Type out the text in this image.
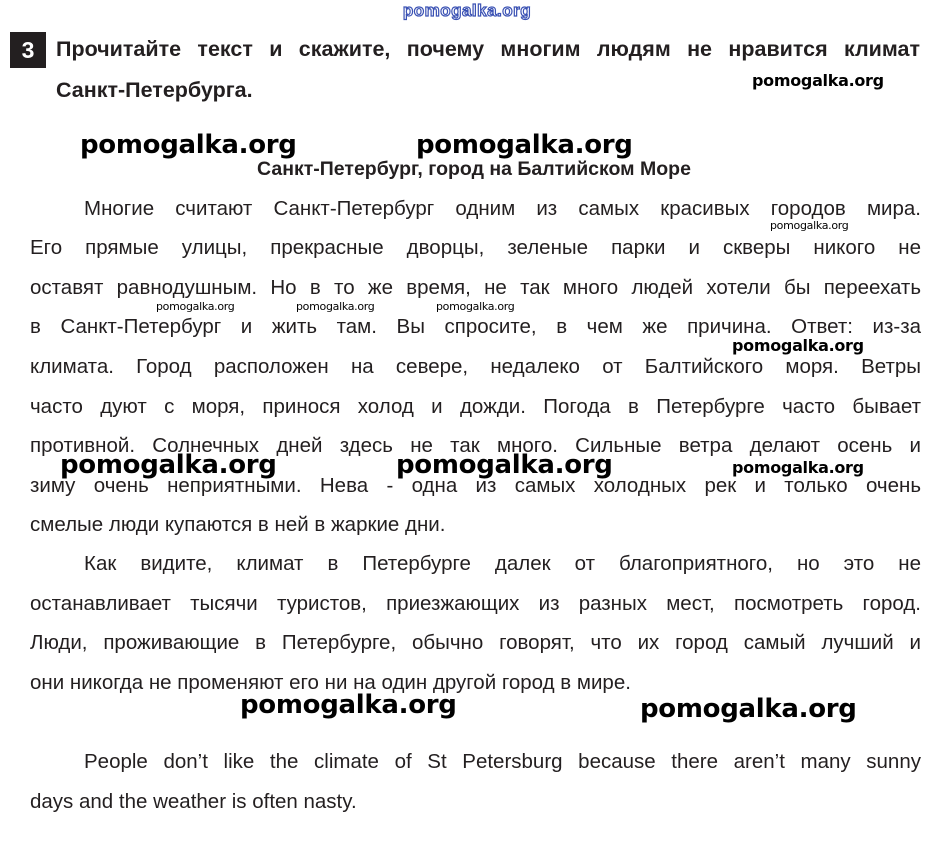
pomogalka.org
3	Прочитайте текст и скажите, почему многим людям не нравится климат
Санкт-Петербурга.
Санкт-Петербург, город на Балтийском Море
Многие считают Санкт-Петербург одним из самых красивых городов мира.
Его прямые улицы, прекрасные дворцы, зеленые парки и скверы никого не
оставят равнодушным. Но в то же время, не так много людей хотели бы переехать
в Санкт-Петербург и жить там. Вы спросите, в чем же причина. Ответ: из-за
климата. Город расположен на севере, недалеко от Балтийского моря. Ветры
часто дуют с моря, принося холод и дожди. Погода в Петербурге часто бывает
противной. Солнечных дней здесь не так много. Сильные ветра делают осень и
зиму очень неприятными. Нева - одна из самых холодных рек и только очень
смелые люди купаются в ней в жаркие дни.
Как видите, климат в Петербурге далек от благоприятного, но это не
останавливает тысячи туристов, приезжающих из разных мест, посмотреть город.
Люди, проживающие в Петербурге, обычно говорят, что их город самый лучший и
они никогда не променяют его ни на один другой город в мире.
People don’t like the climate of St Petersburg because there aren’t many sunny
days and the weather is often nasty.
pomogalka.org
pomogalka.org	pomogalka.org
pomogalka.org
pomogalka.org	pomogalka.org	pomogalka.org
pomogalka.org
pomogalka.org	pomogalka.org	pomogalka.org
pomogalka.org	pomogalka.org
